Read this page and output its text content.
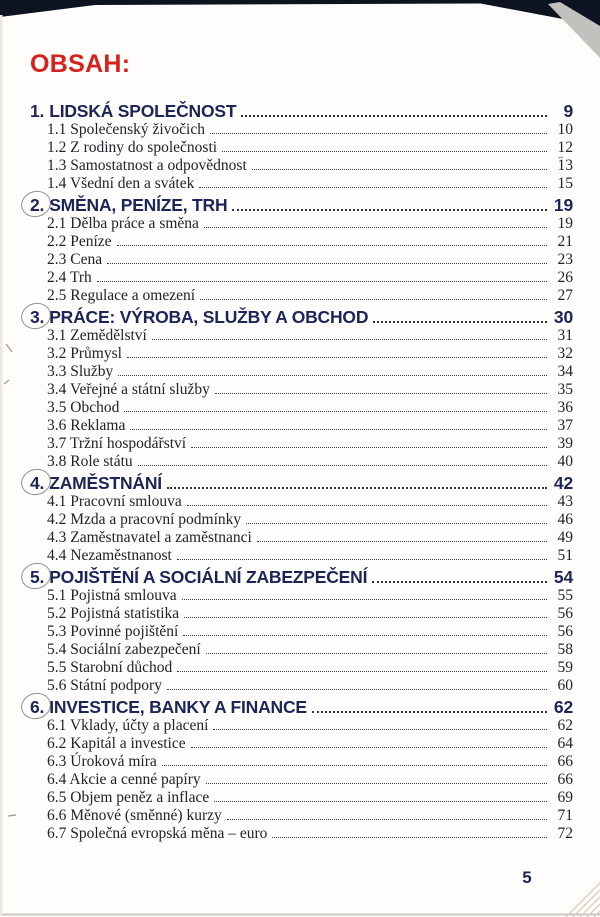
OBSAH:
1. LIDSKÁ SPOLEČNOST	9
1.1 Společenský živočich	10
1.2 Z rodiny do společnosti	12
1.3 Samostatnost a odpovědnost	13
1.4 Všední den a svátek	15
2. SMĚNA, PENÍZE, TRH	19
2.1 Dělba práce a směna	19
2.2 Peníze	21
2.3 Cena	23
2.4 Trh	26
2.5 Regulace a omezení	27
3. PRÁCE: VÝROBA, SLUŽBY A OBCHOD	30
3.1 Zemědělství	31
3.2 Průmysl	32
3.3 Služby	34
3.4 Veřejné a státní služby	35
3.5 Obchod	36
3.6 Reklama	37
3.7 Tržní hospodářství	39
3.8 Role státu	40
4. ZAMĚSTNÁNÍ	42
4.1 Pracovní smlouva	43
4.2 Mzda a pracovní podmínky	46
4.3 Zaměstnavatel a zaměstnanci	49
4.4 Nezaměstnanost	51
5. POJIŠTĚNÍ A SOCIÁLNÍ ZABEZPEČENÍ	54
5.1 Pojistná smlouva	55
5.2 Pojistná statistika	56
5.3 Povinné pojištění	56
5.4 Sociální zabezpečení	58
5.5 Starobní důchod	59
5.6 Státní podpory	60
6. INVESTICE, BANKY A FINANCE	62
6.1 Vklady, účty a placení	62
6.2 Kapitál a investice	64
6.3 Úroková míra	66
6.4 Akcie a cenné papíry	66
6.5 Objem peněz a inflace	69
6.6 Měnové (směnné) kurzy	71
6.7 Společná evropská měna – euro	72
5
